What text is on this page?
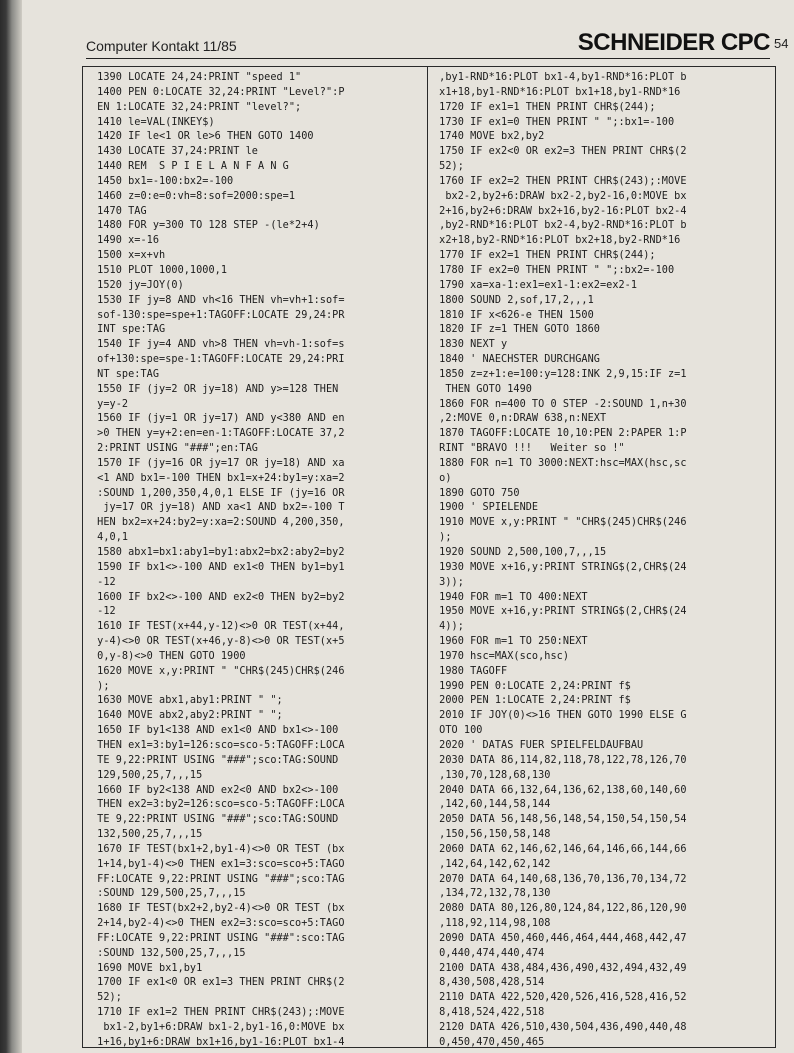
Computer Kontakt 11/85	SCHNEIDER CPC 54
1390 LOCATE 24,24:PRINT "speed 1"
1400 PEN 0:LOCATE 32,24:PRINT "Level?":P
EN 1:LOCATE 32,24:PRINT "level?";
1410 le=VAL(INKEY$)
1420 IF le<1 OR le>6 THEN GOTO 1400
1430 LOCATE 37,24:PRINT le
1440 REM  S P I E L A N F A N G
1450 bx1=-100:bx2=-100
1460 z=0:e=0:vh=8:sof=2000:spe=1
1470 TAG
1480 FOR y=300 TO 128 STEP -(le*2+4)
1490 x=-16
1500 x=x+vh
1510 PLOT 1000,1000,1
1520 jy=JOY(0)
1530 IF jy=8 AND vh<16 THEN vh=vh+1:sof=
sof-130:spe=spe+1:TAGOFF:LOCATE 29,24:PR
INT spe:TAG
1540 IF jy=4 AND vh>8 THEN vh=vh-1:sof=s
of+130:spe=spe-1:TAGOFF:LOCATE 29,24:PRI
NT spe:TAG
1550 IF (jy=2 OR jy=18) AND y>=128 THEN
y=y-2
1560 IF (jy=1 OR jy=17) AND y<380 AND en
>0 THEN y=y+2:en=en-1:TAGOFF:LOCATE 37,2
2:PRINT USING "###";en:TAG
1570 IF (jy=16 OR jy=17 OR jy=18) AND xa
<1 AND bx1=-100 THEN bx1=x+24:by1=y:xa=2
:SOUND 1,200,350,4,0,1 ELSE IF (jy=16 OR
jy=17 OR jy=18) AND xa<1 AND bx2=-100 T
HEN bx2=x+24:by2=y:xa=2:SOUND 4,200,350,
4,0,1
1580 abx1=bx1:aby1=by1:abx2=bx2:aby2=by2
1590 IF bx1<>-100 AND ex1<0 THEN by1=by1
-12
1600 IF bx2<>-100 AND ex2<0 THEN by2=by2
-12
1610 IF TEST(x+44,y-12)<>0 OR TEST(x+44,
y-4)<>0 OR TEST(x+46,y-8)<>0 OR TEST(x+5
0,y-8)<>0 THEN GOTO 1900
1620 MOVE x,y:PRINT " "CHR$(245)CHR$(246
);
1630 MOVE abx1,aby1:PRINT " ";
1640 MOVE abx2,aby2:PRINT " ";
1650 IF by1<138 AND ex1<0 AND bx1<>-100
THEN ex1=3:by1=126:sco=sco-5:TAGOFF:LOCA
TE 9,22:PRINT USING "###";sco:TAG:SOUND
129,500,25,7,,,15
1660 IF by2<138 AND ex2<0 AND bx2<>-100
THEN ex2=3:by2=126:sco=sco-5:TAGOFF:LOCA
TE 9,22:PRINT USING "###";sco:TAG:SOUND
132,500,25,7,,,15
1670 IF TEST(bx1+2,by1-4)<>0 OR TEST (bx
1+14,by1-4)<>0 THEN ex1=3:sco=sco+5:TAGO
FF:LOCATE 9,22:PRINT USING "###";sco:TAG
:SOUND 129,500,25,7,,,15
1680 IF TEST(bx2+2,by2-4)<>0 OR TEST (bx
2+14,by2-4)<>0 THEN ex2=3:sco=sco+5:TAGO
FF:LOCATE 9,22:PRINT USING "###":sco:TAG
:SOUND 132,500,25,7,,,15
1690 MOVE bx1,by1
1700 IF ex1<0 OR ex1=3 THEN PRINT CHR$(2
52);
1710 IF ex1=2 THEN PRINT CHR$(243);:MOVE
bx1-2,by1+6:DRAW bx1-2,by1-16,0:MOVE bx
1+16,by1+6:DRAW bx1+16,by1-16:PLOT bx1-4

,by1-RND*16:PLOT bx1-4,by1-RND*16:PLOT b
x1+18,by1-RND*16:PLOT bx1+18,by1-RND*16
1720 IF ex1=1 THEN PRINT CHR$(244);
1730 IF ex1=0 THEN PRINT " ";:bx1=-100
1740 MOVE bx2,by2
1750 IF ex2<0 OR ex2=3 THEN PRINT CHR$(2
52);
1760 IF ex2=2 THEN PRINT CHR$(243);:MOVE
bx2-2,by2+6:DRAW bx2-2,by2-16,0:MOVE bx
2+16,by2+6:DRAW bx2+16,by2-16:PLOT bx2-4
,by2-RND*16:PLOT bx2-4,by2-RND*16:PLOT b
x2+18,by2-RND*16:PLOT bx2+18,by2-RND*16
1770 IF ex2=1 THEN PRINT CHR$(244);
1780 IF ex2=0 THEN PRINT " ";:bx2=-100
1790 xa=xa-1:ex1=ex1-1:ex2=ex2-1
1800 SOUND 2,sof,17,2,,,1
1810 IF x<626-e THEN 1500
1820 IF z=1 THEN GOTO 1860
1830 NEXT y
1840 ' NAECHSTER DURCHGANG
1850 z=z+1:e=100:y=128:INK 2,9,15:IF z=1
THEN GOTO 1490
1860 FOR n=400 TO 0 STEP -2:SOUND 1,n+30
,2:MOVE 0,n:DRAW 638,n:NEXT
1870 TAGOFF:LOCATE 10,10:PEN 2:PAPER 1:P
RINT "BRAVO !!!   Weiter so !"
1880 FOR n=1 TO 3000:NEXT:hsc=MAX(hsc,sc
o)
1890 GOTO 750
1900 ' SPIELENDE
1910 MOVE x,y:PRINT " "CHR$(245)CHR$(246
);
1920 SOUND 2,500,100,7,,,15
1930 MOVE x+16,y:PRINT STRING$(2,CHR$(24
3));
1940 FOR m=1 TO 400:NEXT
1950 MOVE x+16,y:PRINT STRING$(2,CHR$(24
4));
1960 FOR m=1 TO 250:NEXT
1970 hsc=MAX(sco,hsc)
1980 TAGOFF
1990 PEN 0:LOCATE 2,24:PRINT f$
2000 PEN 1:LOCATE 2,24:PRINT f$
2010 IF JOY(0)<>16 THEN GOTO 1990 ELSE G
OTO 100
2020 ' DATAS FUER SPIELFELDAUFBAU
2030 DATA 86,114,82,118,78,122,78,126,70
,130,70,128,68,130
2040 DATA 66,132,64,136,62,138,60,140,60
,142,60,144,58,144
2050 DATA 56,148,56,148,54,150,54,150,54
,150,56,150,58,148
2060 DATA 62,146,62,146,64,146,66,144,66
,142,64,142,62,142
2070 DATA 64,140,68,136,70,136,70,134,72
,134,72,132,78,130
2080 DATA 80,126,80,124,84,122,86,120,90
,118,92,114,98,108
2090 DATA 450,460,446,464,444,468,442,47
0,440,474,440,474
2100 DATA 438,484,436,490,432,494,432,49
8,430,508,428,514
2110 DATA 422,520,420,526,416,528,416,52
8,418,524,422,518
2120 DATA 426,510,430,504,436,490,440,48
0,450,470,450,465
